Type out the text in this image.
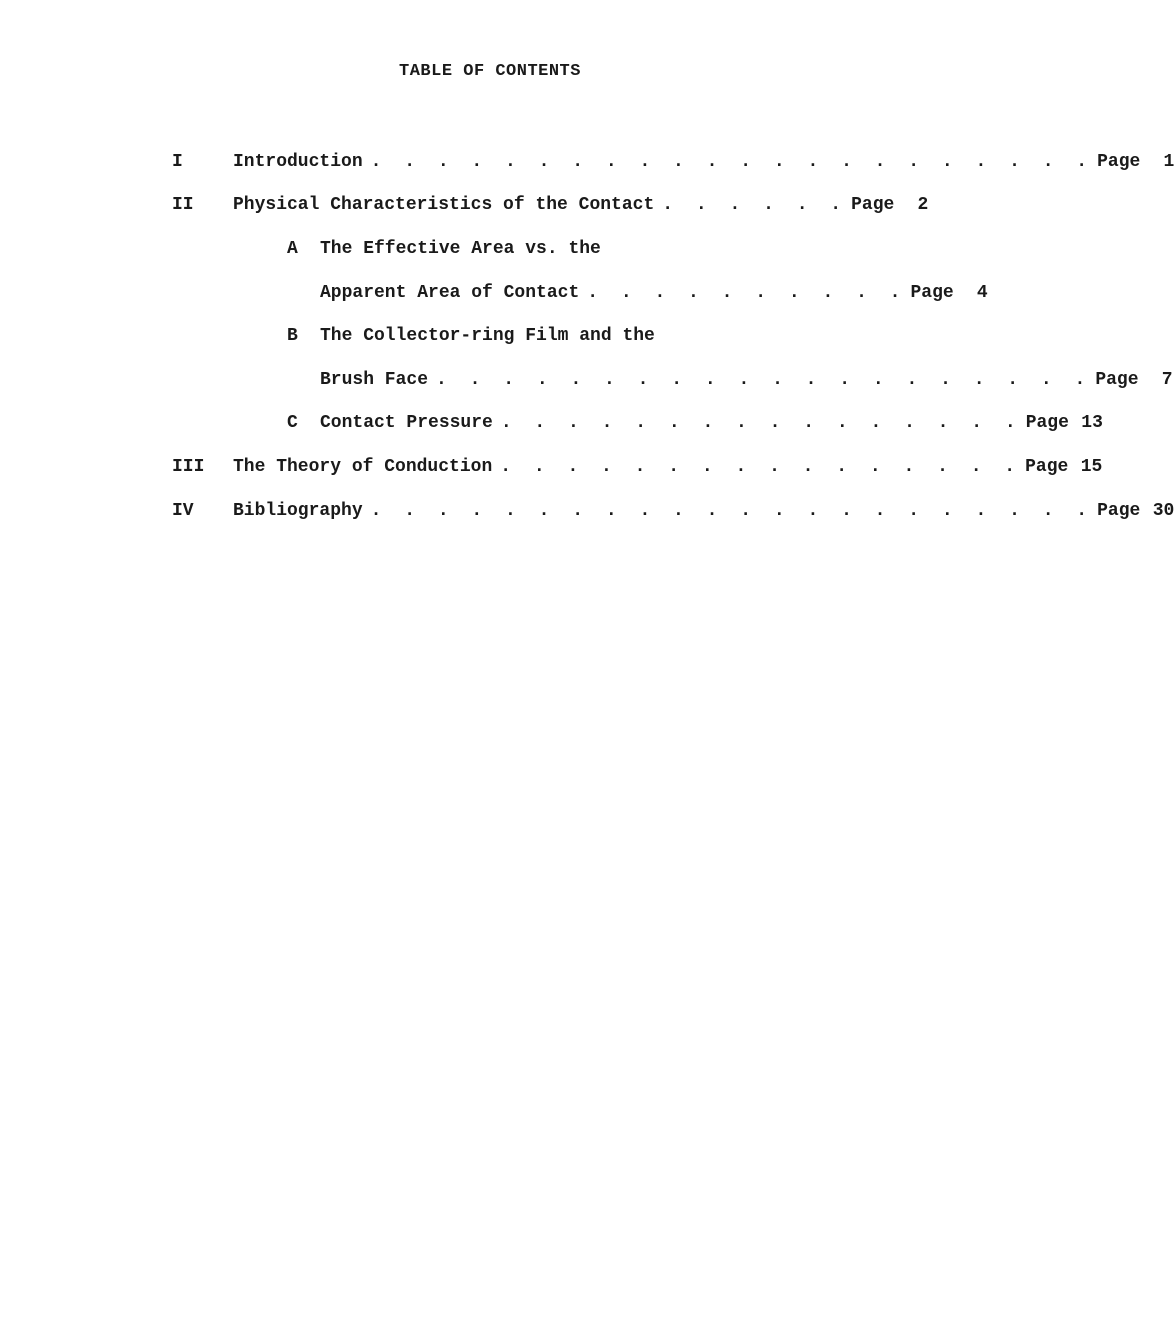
TABLE OF CONTENTS
I	Introduction . . . . . . . . . . . . . . . . . . . . . . Page	1
II Physical Characteristics of the Contact . . . . . . Page	2
A The Effective Area vs. the
Apparent Area of Contact . . . . . . . . . . Page	4
B The Collector-ring Film and the
Brush Face . . . . . . . . . . . . . . . . . . . . Page	7
C Contact Pressure . . . . . . . . . . . . . . . . Page 13
III The Theory of Conduction . . . . . . . . . . . . . . . . Page 15
IV Bibliography . . . . . . . . . . . . . . . . . . . . . . Page 30
